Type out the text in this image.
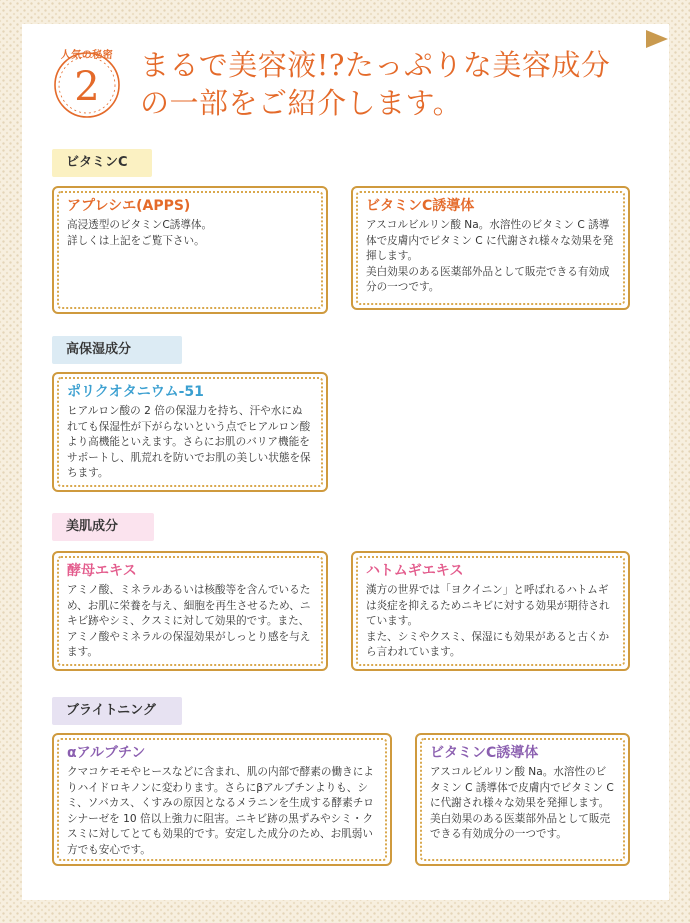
人気の秘密
2	まるで美容液!?たっぷりな美容成分
の一部をご紹介します。
ビタミンC
アプレシエ(APPS)
高浸透型のビタミンC誘導体。
詳しくは上記をご覧下さい。
ビタミンC誘導体
アスコルビルリン酸 Na。水溶性のビタミン C 誘導体で皮膚内でビタミン C に代謝され様々な効果を発揮します。
美白効果のある医薬部外品として販売できる有効成分の一つです。
高保湿成分
ポリクオタニウム-51
ヒアルロン酸の 2 倍の保湿力を持ち、汗や水にぬれても保湿性が下がらないという点でヒアルロン酸より高機能といえます。さらにお肌のバリア機能をサポートし、肌荒れを防いでお肌の美しい状態を保ちます。
美肌成分
酵母エキス
アミノ酸、ミネラルあるいは核酸等を含んでいるため、お肌に栄養を与え、細胞を再生させるため、ニキビ跡やシミ、クスミに対して効果的です。また、アミノ酸やミネラルの保湿効果がしっとり感を与えます。
ハトムギエキス
漢方の世界では「ヨクイニン」と呼ばれるハトムギは炎症を抑えるためニキビに対する効果が期待されています。
また、シミやクスミ、保湿にも効果があると古くから言われています。
ブライトニング
αアルブチン
クマコケモモやヒースなどに含まれ、肌の内部で酵素の働きによりハイドロキノンに変わります。さらにβアルブチンよりも、シミ、ソバカス、くすみの原因となるメラニンを生成する酵素チロシナーゼを 10 倍以上強力に阻害。ニキビ跡の黒ずみやシミ・クスミに対してとても効果的です。安定した成分のため、お肌弱い方でも安心です。
ビタミンC誘導体
アスコルビルリン酸 Na。水溶性のビタミン C 誘導体で皮膚内でビタミン C に代謝され様々な効果を発揮します。
美白効果のある医薬部外品として販売できる有効成分の一つです。
